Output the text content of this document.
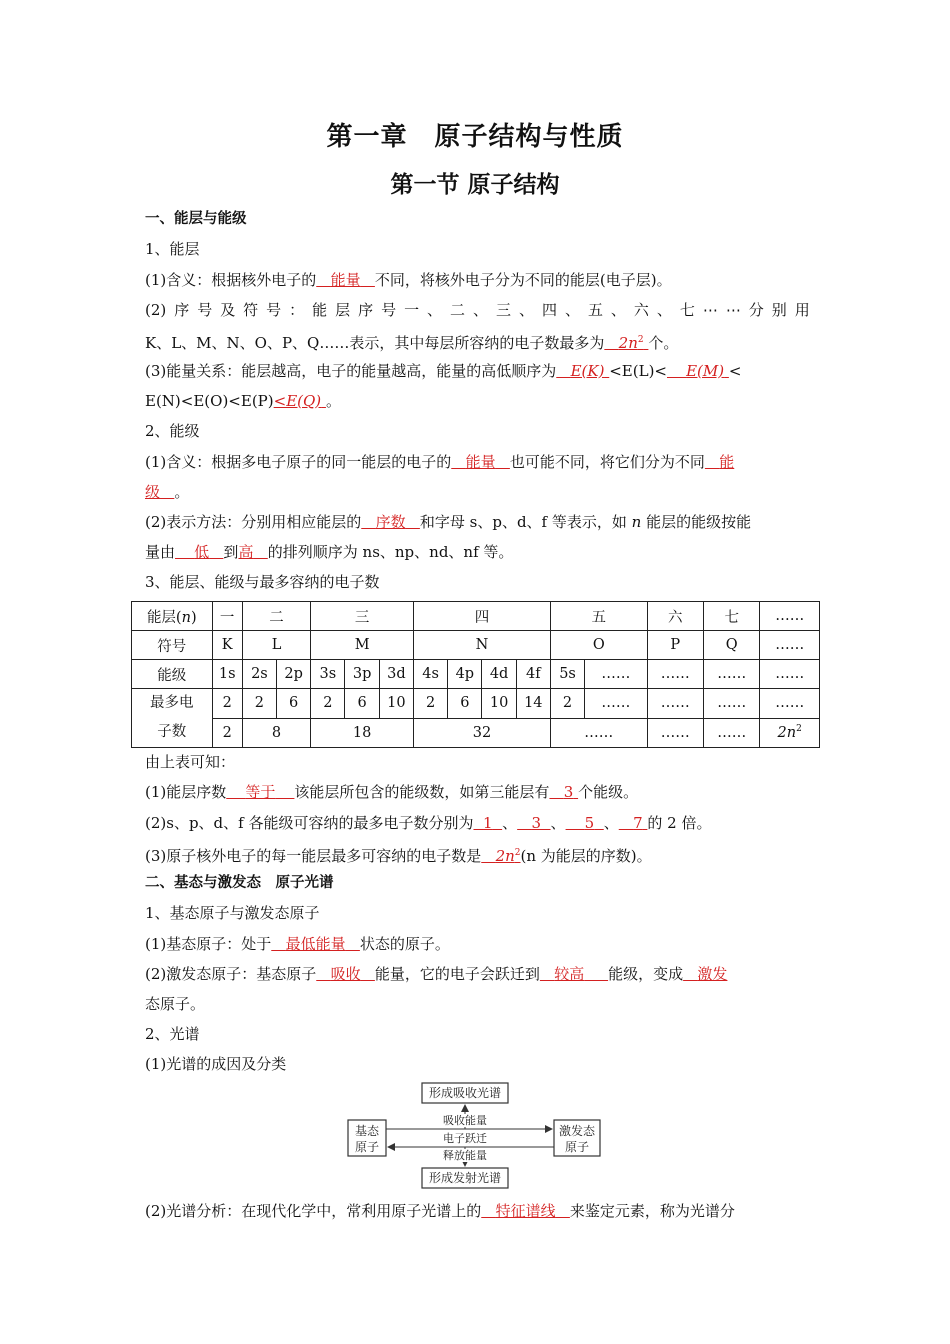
第一章　原子结构与性质
第一节 原子结构
一、能层与能级
1、能层
(1)含义：根据核外电子的 能量 不同，将核外电子分为不同的能层(电子层)。
(2) 序 号 及 符 号 ： 能 层 序 号 一 、 二 、 三 、 四 、 五 、 六 、 七 ⋯ ⋯ 分 别 用
K、L、M、N、O、P、Q……表示，其中每层所容纳的电子数最多为 $2n^2$ 个。
(3)能量关系：能层越高，电子的能量越高，能量的高低顺序为 E(K) <E(L)< E(M) <
E(N)<E(O)<E(P)<E(Q) 。
2、能级
(1)含义：根据多电子原子的同一能层的电子的 能量 也可能不同，将它们分为不同 能
级 。
(2)表示方法：分别用相应能层的 序数 和字母 s、p、d、f 等表示，如 n 能层的能级按能
量由 低 到高 的排列顺序为 ns、np、nd、nf 等。
3、能层、能级与最多容纳的电子数
能层(n)	一	二		三			四				五		六	七	……
符号	K	L		M			N				O		P	Q	……
能级	1s	2s	2p	3s	3p	3d	4s	4p	4d	4f	5s	……	……	……	……
最多电
子数	2	2	6	2	6	10	2	6	10	14	2	……	……	……	……
	2	8		18			32				……		……	……	$2n^2$
由上表可知：
(1)能层序数 等于 该能层所包含的能级数，如第三能层有 3 个能级。
(2)s、p、d、f 各能级可容纳的最多电子数分别为 1 、 3 、 5 、 7 的 2 倍。
(3)原子核外电子的每一能层最多可容纳的电子数是 $2n^2(n$ 为能层的序数)。
二、基态与激发态　原子光谱
1、基态原子与激发态原子
(1)基态原子：处于 最低能量 状态的原子。
(2)激发态原子：基态原子 吸收 能量，它的电子会跃迁到 较高 能级，变成 激发
态原子。
2、光谱
(1)光谱的成因及分类
形成吸收光谱
形成发射光谱
基态
原子
激发态
原子
吸收能量
电子跃迁
释放能量
(2)光谱分析：在现代化学中，常利用原子光谱上的 特征谱线 来鉴定元素，称为光谱分
